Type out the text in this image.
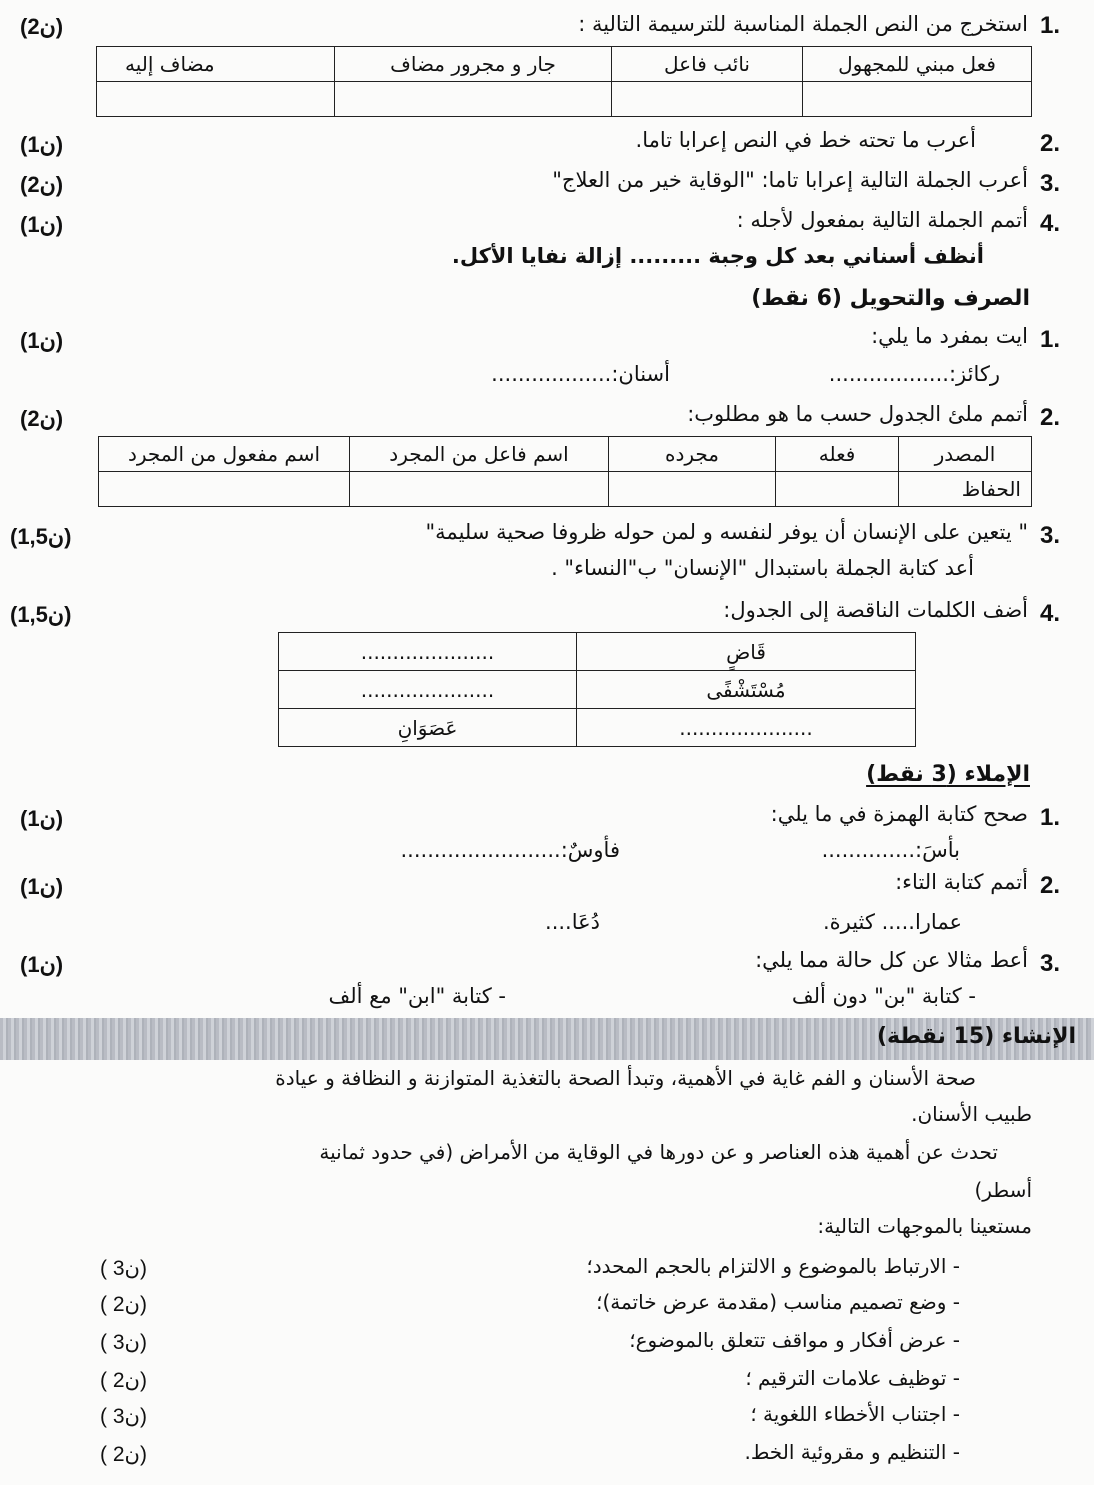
1.
استخرج من النص الجملة المناسبة للترسيمة التالية :
(2ن)
فعل مبني للمجهول	نائب فاعل	جار و مجرور مضاف	مضاف إليه

2.
أعرب ما تحته خط في النص إعرابا تاما.
(1ن)
3.
أعرب الجملة التالية إعرابا تاما: "الوقاية خير من العلاج"
(2ن)
4.
أتمم الجملة التالية بمفعول لأجله :
(1ن)
أنظف أسناني بعد كل وجبة ......... إزالة نفايا الأكل.
الصرف والتحويل (6 نقط)
1.
ايت بمفرد ما يلي:
(1ن)
ركائز:..................
أسنان:..................
2.
أتمم ملئ الجدول حسب ما هو مطلوب:
(2ن)
المصدر	فعله	مجرده	اسم فاعل من المجرد	اسم مفعول من المجرد
الحفاظ				
3.
" يتعين على الإنسان أن يوفر لنفسه و لمن حوله ظروفا صحية سليمة"
(1,5ن)
أعد كتابة الجملة باستبدال "الإنسان" ب"النساء" .
4.
أضف الكلمات الناقصة إلى الجدول:
(1,5ن)
قَاضٍ	.....................
مُسْتَشْفًى	.....................
.....................	عَصَوَانِ
الإملاء (3 نقط)
1.
صحح كتابة الهمزة في ما يلي:
(1ن)
بأسَ:..............
فأوسٌ:........................
2.
أتمم كتابة التاء:
(1ن)
عمارا..... كثيرة.
دُعَا....
3.
أعط مثالا عن كل حالة مما يلي:
(1ن)
- كتابة "بن" دون ألف
- كتابة "ابن" مع ألف
الإنشاء (15 نقطة)
صحة الأسنان و الفم غاية في الأهمية، وتبدأ الصحة بالتغذية المتوازنة و النظافة و عيادة
طبيب الأسنان.
تحدث عن أهمية هذه العناصر و عن دورها في الوقاية من الأمراض (في حدود ثمانية
أسطر)
مستعينا بالموجهات التالية:
- الارتباط بالموضوع و الالتزام بالحجم المحدد؛
( 3ن)
- وضع تصميم مناسب (مقدمة عرض خاتمة)؛
( 2ن)
- عرض أفكار و مواقف تتعلق بالموضوع؛
( 3ن)
- توظيف علامات الترقيم ؛
( 2ن)
- اجتناب الأخطاء اللغوية ؛
( 3ن)
- التنظيم و مقروئية الخط.
( 2ن)
